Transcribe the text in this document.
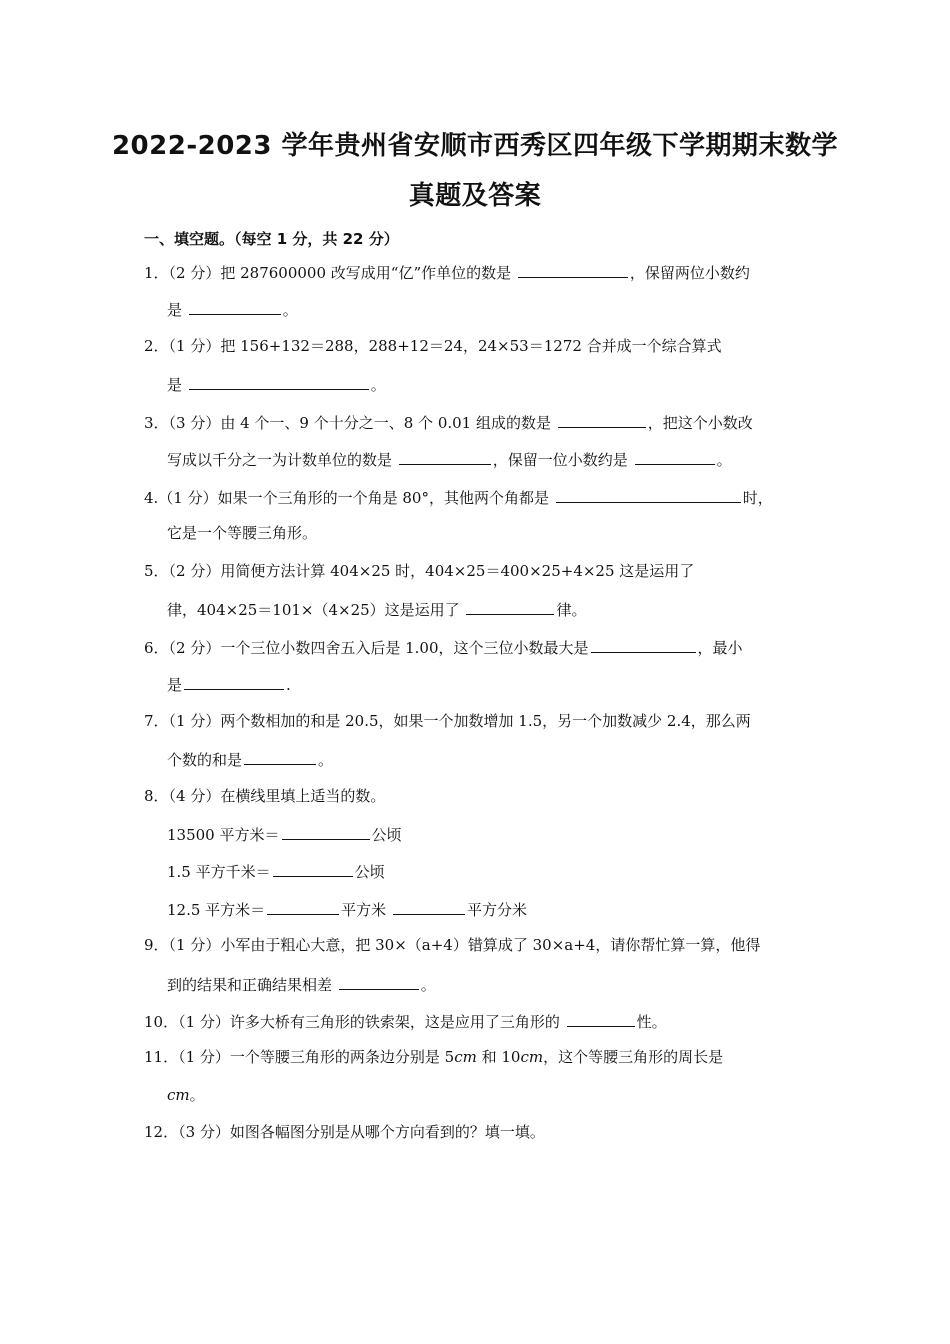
2022-2023 学年贵州省安顺市西秀区四年级下学期期末数学
真题及答案
一、填空题。（每空 1 分，共 22 分）
1．（2 分）把 287600000 改写成用“亿”作单位的数是	，保留两位小数约
是	。
2．（1 分）把 156+132＝288，288+12＝24，24×53＝1272 合并成一个综合算式
是	。
3．（3 分）由 4 个一、9 个十分之一、8 个 0.01 组成的数是	，把这个小数改
写成以千分之一为计数单位的数是	，保留一位小数约是	。
4.（1 分）如果一个三角形的一个角是 80°，其他两个角都是	时，
它是一个等腰三角形。
5．（2 分）用简便方法计算 404×25 时，404×25＝400×25+4×25 这是运用了
律，404×25＝101×（4×25）这是运用了	律。
6．（2 分）一个三位小数四舍五入后是 1.00，这个三位小数最大是	，最小
是	.
7．（1 分）两个数相加的和是 20.5，如果一个加数增加 1.5，另一个加数减少 2.4，那么两
个数的和是	。
8．（4 分）在横线里填上适当的数。
13500 平方米＝	公顷
1.5 平方千米＝	公顷
12.5 平方米＝	平方米	平方分米
9．（1 分）小军由于粗心大意，把 30×（a+4）错算成了 30×a+4，请你帮忙算一算，他得
到的结果和正确结果相差	。
10．（1 分）许多大桥有三角形的铁索架，这是应用了三角形的	性。
11．（1 分）一个等腰三角形的两条边分别是 5cm 和 10cm，这个等腰三角形的周长是
cm。
12．（3 分）如图各幅图分别是从哪个方向看到的？填一填。
